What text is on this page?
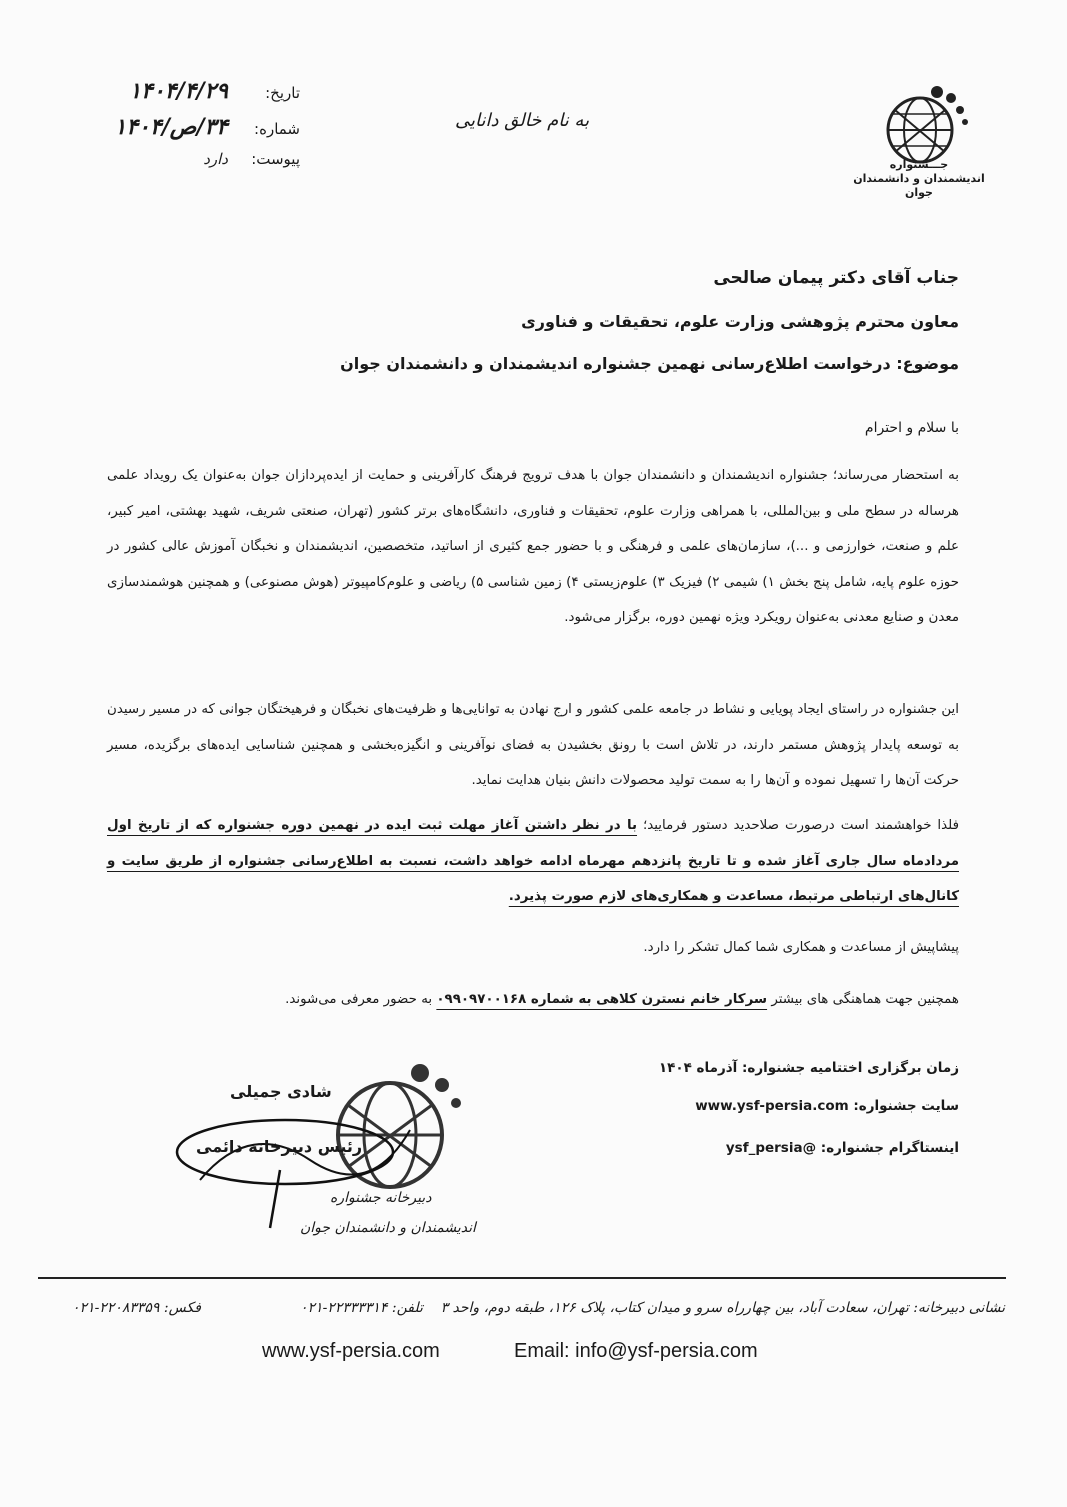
جـــشنواره
اندیشمندان و دانشمندان جوان
به نام خالق دانایی
تاریخ:
۱۴۰۴/۴/۲۹
شماره:
۳۴/ص/۱۴۰۴
پیوست:
دارد
جناب آقای دکتر پیمان صالحی
معاون محترم پژوهشی وزارت علوم، تحقیقات و فناوری
موضوع: درخواست اطلاع‌رسانی نهمین جشنواره اندیشمندان و دانشمندان جوان
با سلام و احترام
به استحضار می‌رساند؛ جشنواره اندیشمندان و دانشمندان جوان با هدف ترویج فرهنگ کارآفرینی و حمایت از ایده‌پردازان جوان به‌عنوان یک رویداد علمی هرساله در سطح ملی و بین‌المللی، با همراهی وزارت علوم، تحقیقات و فناوری، دانشگاه‌های برتر کشور (تهران، صنعتی شریف، شهید بهشتی، امیر کبیر، علم و صنعت، خوارزمی و ...)، سازمان‌های علمی و فرهنگی و با حضور جمع کثیری از اساتید، متخصصین، اندیشمندان و نخبگان آموزش عالی کشور در حوزه علوم پایه، شامل پنج بخش ۱) شیمی ۲) فیزیک ۳) علوم‌زیستی ۴) زمین شناسی ۵) ریاضی و علوم‌کامپیوتر (هوش مصنوعی) و همچنین هوشمندسازی معدن و صنایع معدنی به‌عنوان رویکرد ویژه نهمین دوره، برگزار می‌شود.
این جشنواره در راستای ایجاد پویایی و نشاط در جامعه علمی کشور و ارج نهادن به توانایی‌ها و ظرفیت‌های نخبگان و فرهیختگان جوانی که در مسیر رسیدن به توسعه پایدار پژوهش مستمر دارند، در تلاش است با رونق بخشیدن به فضای نوآفرینی و انگیزه‌بخشی و همچنین شناسایی ایده‌های برگزیده، مسیر حرکت آن‌ها را تسهیل نموده و آن‌ها را به سمت تولید محصولات دانش بنیان هدایت نماید.
فلذا خواهشمند است درصورت صلاحدید دستور فرمایید؛ با در نظر داشتن آغاز مهلت ثبت ایده در نهمین دوره جشنواره که از تاریخ اول مردادماه سال جاری آغاز شده و تا تاریخ پانزدهم مهرماه ادامه خواهد داشت، نسبت به اطلاع‌رسانی جشنواره از طریق سایت و کانال‌های ارتباطی مرتبط، مساعدت و همکاری‌های لازم صورت پذیرد.
پیشاپیش از مساعدت و همکاری شما کمال تشکر را دارد.
همچنین جهت هماهنگی های بیشتر سرکار خانم نسترن کلاهی به شماره ۰۹۹۰۹۷۰۰۱۶۸ به حضور معرفی می‌شوند.
زمان برگزاری اختتامیه جشنواره: آذرماه ۱۴۰۴
سایت جشنواره: www.ysf-persia.com
اینستاگرام جشنواره: @ysf_persia
شادی جمیلی
رئیس دبیرخانه دائمی
دبیرخانه جشنواره
اندیشمندان و دانشمندان جوان
نشانی دبیرخانه: تهران، سعادت آباد، بین چهارراه سرو و میدان کتاب، پلاک ۱۲۶، طبقه دوم، واحد ۳
تلفن: ۲۲۳۳۳۳۱۴-۰۲۱
فکس: ۲۲۰۸۳۳۵۹-۰۲۱
www.ysf-persia.com	Email: info@ysf-persia.com
